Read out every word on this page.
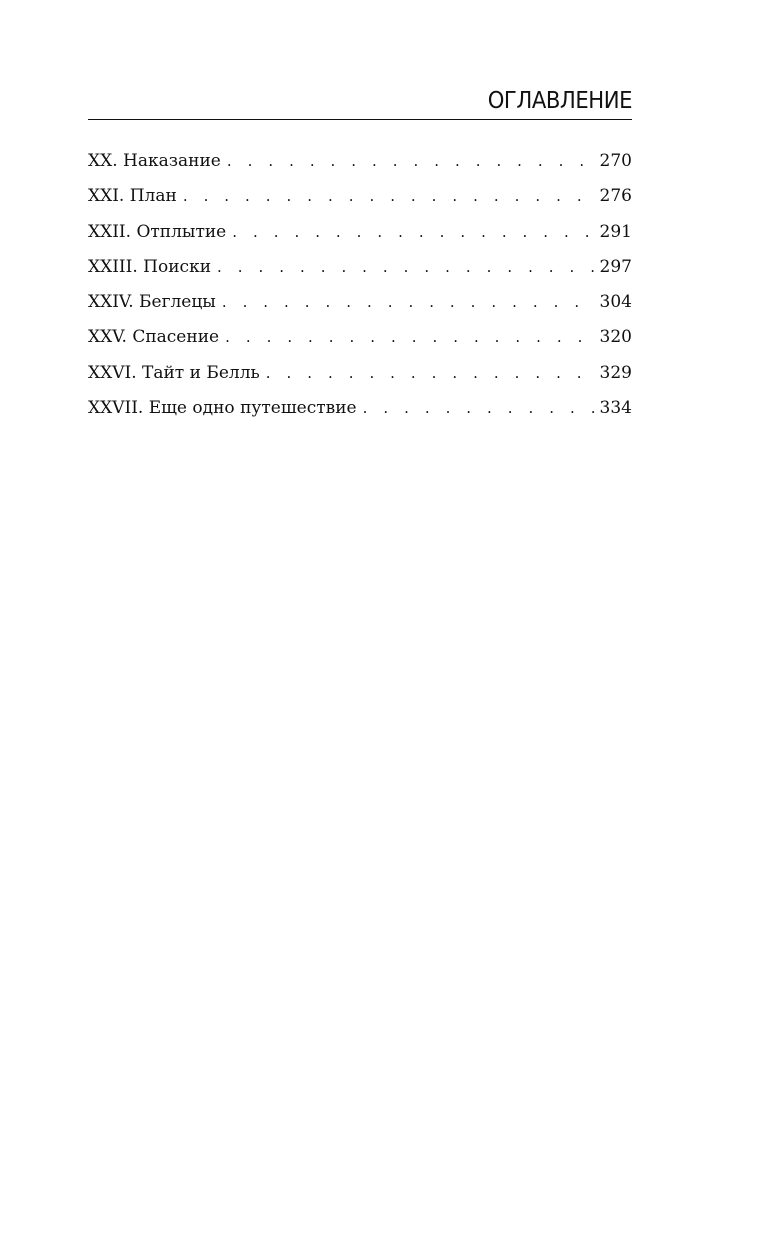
ОГЛАВЛЕНИЕ
XX. Наказание . . .	270
XXI. План . . .	276
XXII. Отплытие . . .	291
XXIII. Поиски . . .	297
XXIV. Беглецы . . .	304
XXV. Спасение . . .	320
XXVI. Тайт и Белль . . .	329
XXVII. Еще одно путешествие . . .	334
